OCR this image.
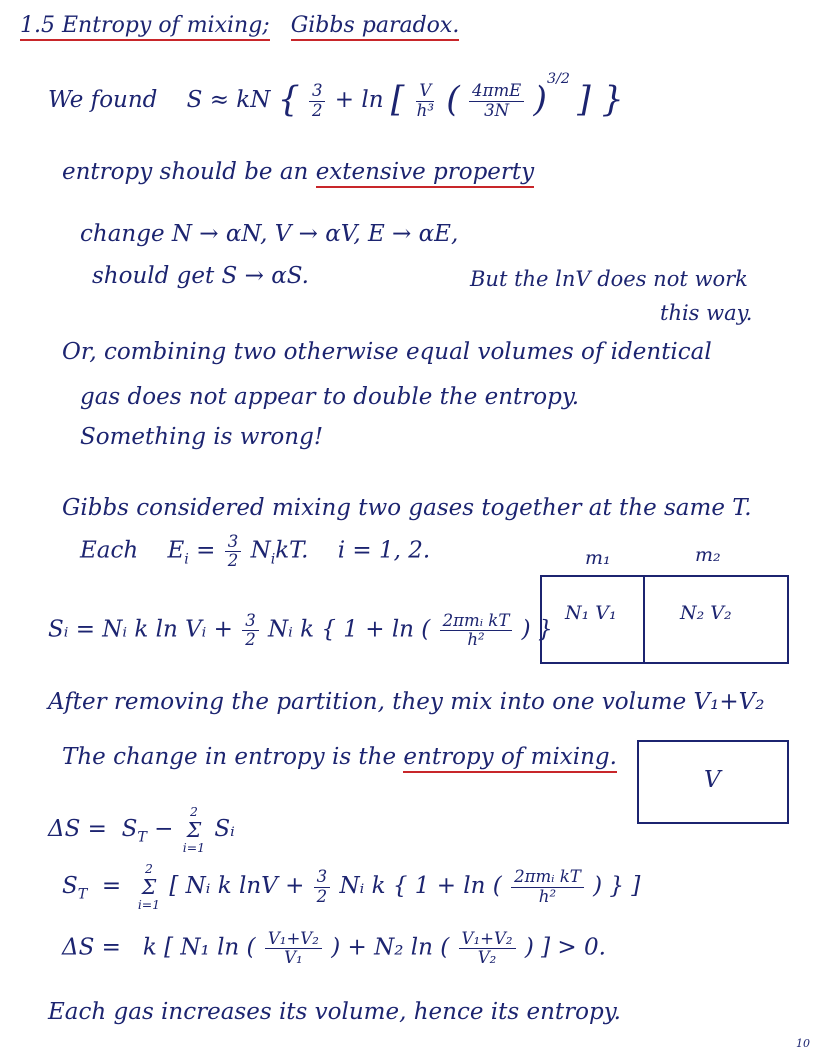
1.5 Entropy of mixing; Gibbs paradox.
We found S ≈ kN { $\frac{3}{2} + \ln$ [ $\frac{V}{\text{h³}}$ ( $\frac{\text{4πmE}}{3N} )^{3/2}$ ] }
entropy should be an extensive property
change N → αN, V → αV, E → αE,
should get S → αS.	But the lnV does not work
this way.
Or, combining two otherwise equal volumes of identical
gas does not appear to double the entropy.
Something is wrong!
Gibbs considered mixing two gases together at the same T.
Each $E_i = \frac{3}{2} N_ikT$. i = 1, 2.	m₁	m₂
N₁ V₁	N₂ V₂
Sᵢ = Nᵢ k ln Vᵢ + $\frac{3}{2}$ Nᵢ k { 1 + ln ( $\frac{\text{2πmᵢ kT}}{\text{h²}}$ ) }
After removing the partition, they mix into one volume V₁+V₂
The change in entropy is the entropy of mixing.
V
$\Delta S = S_T$ −
2
Σ
i=1
Sᵢ
$S_T$ =
2
Σ
i=1
[ Nᵢ k $\ln V + \frac{3}{2}$ Nᵢ k { 1 + ln ( $\frac{\text{2πmᵢ kT}}{\text{h²}}$ ) } ]
ΔS = k [ N₁ ln ( $\frac{\text{V₁+V₂}}{\text{V₁}}$ ) + N₂ ln ( $\frac{\text{V₁+V₂}}{\text{V₂}}$ ) ] > 0.
Each gas increases its volume, hence its entropy.
10
